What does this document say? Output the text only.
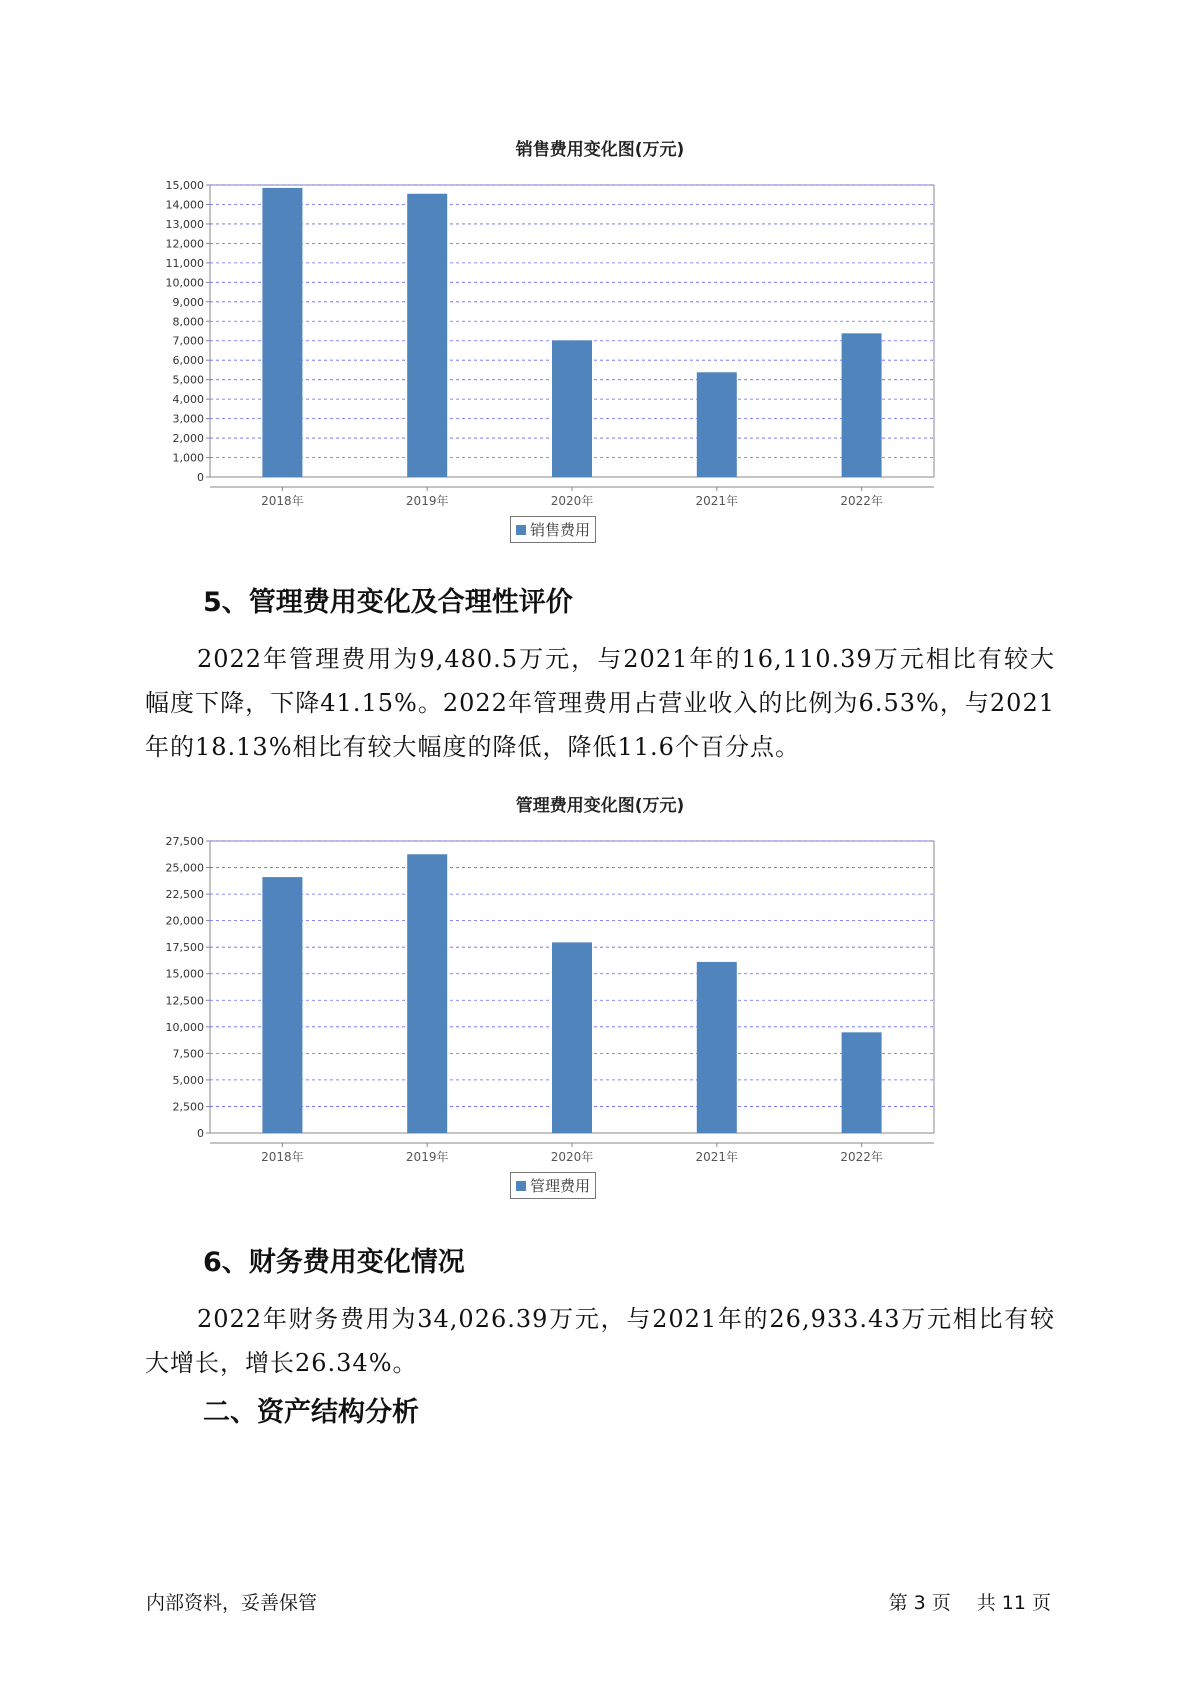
销售费用变化图(万元)
0
1,000
2,000
3,000
4,000
5,000
6,000
7,000
8,000
9,000
10,000
11,000
12,000
13,000
14,000
15,000
2018年	2019年	2020年	2021年	2022年
销售费用
5、管理费用变化及合理性评价
2022年管理费用为9,480.5万元，与2021年的16,110.39万元相比有较大幅度下降，下降41.15%。2022年管理费用占营业收入的比例为6.53%，与2021年的18.13%相比有较大幅度的降低，降低11.6个百分点。
管理费用变化图(万元)
0
2,500
5,000
7,500
10,000
12,500
15,000
17,500
20,000
22,500
25,000
27,500
2018年	2019年	2020年	2021年	2022年
管理费用
6、财务费用变化情况
2022年财务费用为34,026.39万元，与2021年的26,933.43万元相比有较大增长，增长26.34%。
二、资产结构分析
内部资料，妥善保管	第 3 页 共 11 页
